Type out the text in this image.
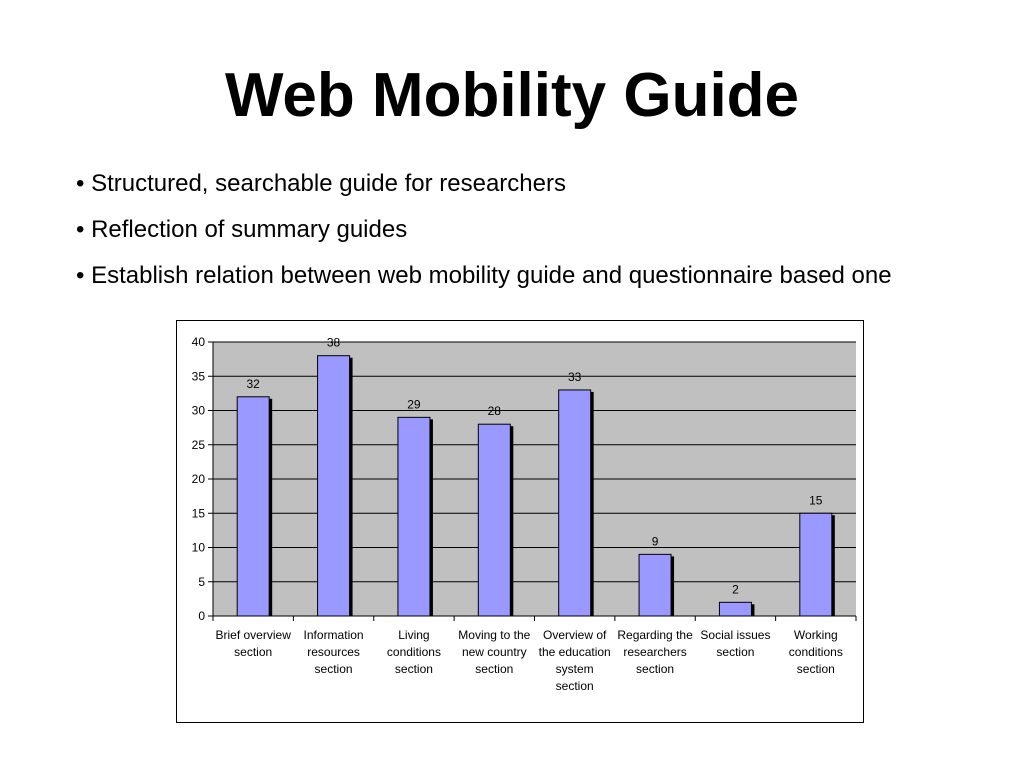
Web Mobility Guide
• Structured, searchable guide for researchers
• Reflection of summary guides
• Establish relation between web mobility guide and questionnaire based one
0
5
10
15
20
25
30
35
40
32
38
29	28
33
9
2
15
Brief overview section
Information resources section
Living conditions section
Moving to the new country section
Overview of the education system section
Regarding the researchers section
Social issues section
Working conditions section
